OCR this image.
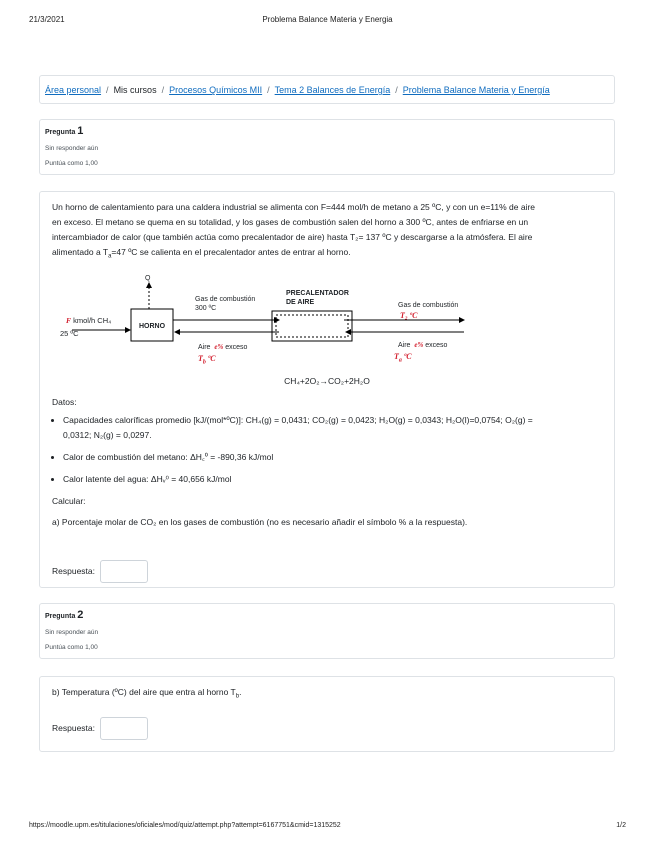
21/3/2021	Problema Balance Materia y Energia
Área personal / Mis cursos / Procesos Químicos MII / Tema 2 Balances de Energía / Problema Balance Materia y Energía
Pregunta 1
Sin responder aún
Puntúa como 1,00

Un horno de calentamiento para una caldera industrial se alimenta con F=444 mol/h de metano a 25 ºC, y con un e=11% de aire

en exceso. El metano se quema en su totalidad, y los gases de combustión salen del horno a 300 ºC, antes de enfriarse en un

intercambiador de calor (que también actúa como precalentador de aire) hasta T₂= 137 ºC y descargarse a la atmósfera. El aire

alimentado a $T_a=47$ ºC se calienta en el precalentador antes de entrar al horno.

Q
F kmol/h CH₄
25 ºC
HORNO
Gas de combustión
300 ºC
PRECALENTADOR
DE AIRE	Gas de combustión
T₂ ºC
Aire e% exceso
$T_b$ ºC
Aire e% exceso
$T_a$ ºC
CH₄+2O₂→CO₂+2H₂O

Datos:

• Capacidades caloríficas promedio [kJ/(mol*ºC)]: CH₄(g) = 0,0431; CO₂(g) = 0,0423; H₂O(g) = 0,0343; H₂O(l)=0,0754; O₂(g) =
0,0312; N₂(g) = 0,0297.
• Calor de combustión del metano: ΔH꜀⁰ = -890,36 kJ/mol
• Calor latente del agua: ΔHᵥ⁰ = 40,656 kJ/mol

Calcular:

a) Porcentaje molar de CO₂ en los gases de combustión (no es necesario añadir el símbolo % a la respuesta).

Respuesta:
Pregunta 2
Sin responder aún
Puntúa como 1,00

b) Temperatura (ºC) del aire que entra al horno $T_b$.

Respuesta:
https://moodle.upm.es/titulaciones/oficiales/mod/quiz/attempt.php?attempt=6167751&cmid=1315252	1/2
